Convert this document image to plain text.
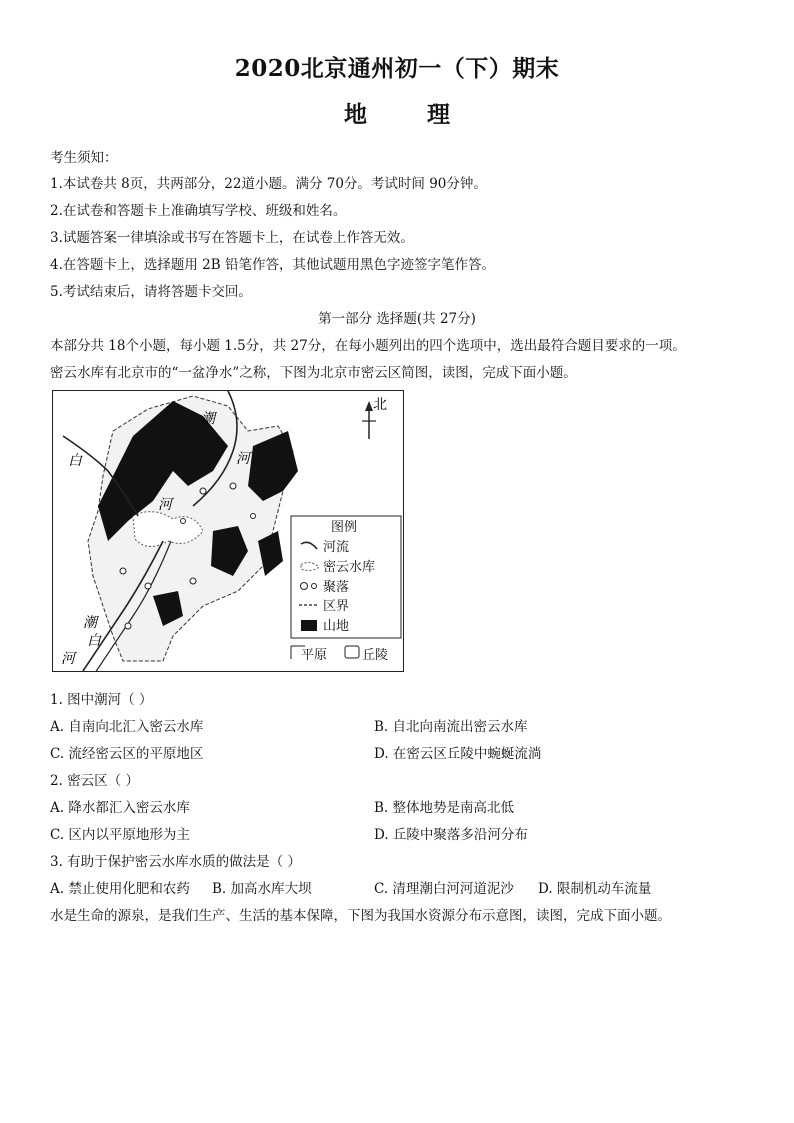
2020北京通州初一（下）期末
地	理
考生须知：
1.本试卷共 8页，共两部分，22道小题。满分 70分。考试时间 90分钟。
2.在试卷和答题卡上准确填写学校、班级和姓名。
3.试题答案一律填涂或书写在答题卡上，在试卷上作答无效。
4.在答题卡上，选择题用 2B 铅笔作答，其他试题用黑色字迹签字笔作答。
5.考试结束后，请将答题卡交回。
第一部分 选择题(共 27分)
本部分共 18个小题，每小题 1.5分，共 27分，在每小题列出的四个选项中，选出最符合题目要求的一项。
密云水库有北京市的“一盆净水”之称，下图为北京市密云区简图，读图，完成下面小题。
潮
河
白
河
潮
白
河
北
图例
河流
密云水库
聚落
区界
山地
平原	丘陵
1. 图中潮河（ ）
A. 自南向北汇入密云水库	B. 自北向南流出密云水库
C. 流经密云区的平原地区	D. 在密云区丘陵中蜿蜒流淌
2. 密云区（ ）
A. 降水都汇入密云水库	B. 整体地势是南高北低
C. 区内以平原地形为主	D. 丘陵中聚落多沿河分布
3. 有助于保护密云水库水质的做法是（ ）
A. 禁止使用化肥和农药 B. 加高水库大坝	C. 清理潮白河河道泥沙 D. 限制机动车流量
水是生命的源泉，是我们生产、生活的基本保障，下图为我国水资源分布示意图，读图，完成下面小题。
